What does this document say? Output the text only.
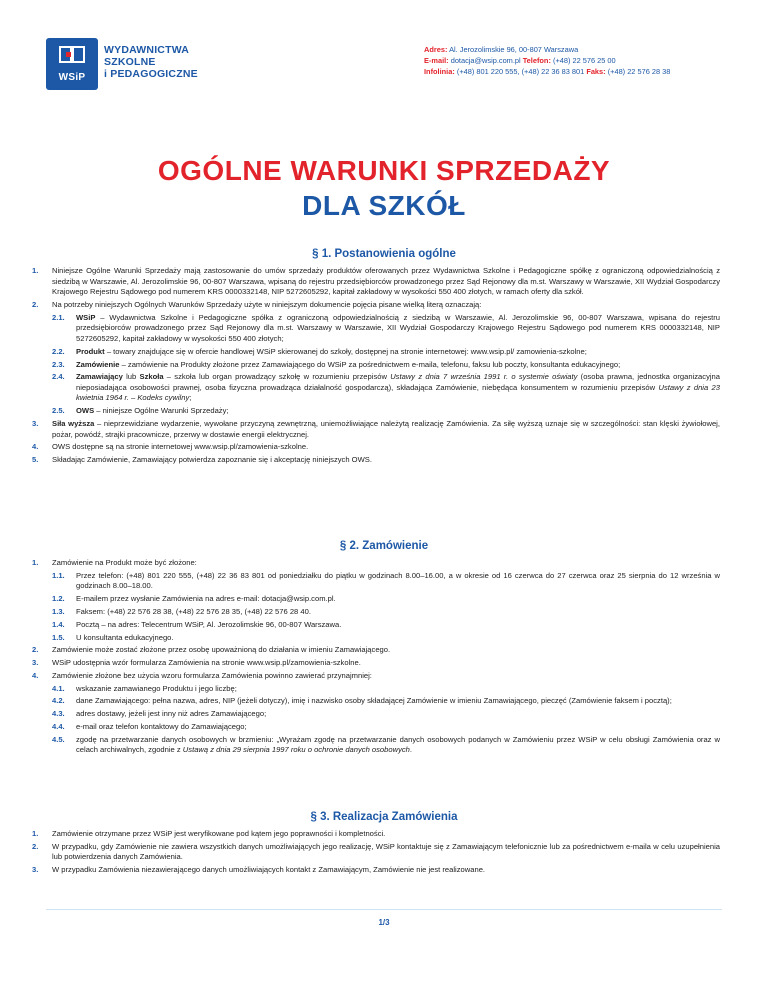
WSiP
WYDAWNICTWA
SZKOLNE
i PEDAGOGICZNE
Adres: Al. Jerozolimskie 96, 00-807 Warszawa
E-mail: dotacja@wsip.com.pl Telefon: (+48) 22 576 25 00
Infolinia: (+48) 801 220 555, (+48) 22 36 83 801 Faks: (+48) 22 576 28 38
OGÓLNE WARUNKI SPRZEDAŻY
DLA SZKÓŁ
§ 1. Postanowienia ogólne
1. Niniejsze Ogólne Warunki Sprzedaży mają zastosowanie do umów sprzedaży produktów oferowanych przez Wydawnictwa Szkolne i Pedagogiczne spółkę z ograniczoną odpowiedzialnością z siedzibą w Warszawie, Al. Jerozolimskie 96, 00-807 Warszawa, wpisaną do rejestru przedsiębiorców prowadzonego przez Sąd Rejonowy dla m.st. Warszawy w Warszawie, XII Wydział Gospodarczy Krajowego Rejestru Sądowego pod numerem KRS 0000332148, NIP 5272605292, kapitał zakładowy w wysokości 550 400 złotych, w ramach oferty dla szkół.
2. Na potrzeby niniejszych Ogólnych Warunków Sprzedaży użyte w niniejszym dokumencie pojęcia pisane wielką literą oznaczają:
2.1. WSiP – Wydawnictwa Szkolne i Pedagogiczne spółka z ograniczoną odpowiedzialnością z siedzibą w Warszawie, Al. Jerozolimskie 96, 00-807 Warszawa, wpisana do rejestru przedsiębiorców prowadzonego przez Sąd Rejonowy dla m.st. Warszawy w Warszawie, XII Wydział Gospodarczy Krajowego Rejestru Sądowego pod numerem KRS 0000332148, NIP 5272605292, kapitał zakładowy w wysokości 550 400 złotych;
2.2. Produkt – towary znajdujące się w ofercie handlowej WSiP skierowanej do szkoły, dostępnej na stronie internetowej: www.wsip.pl/ zamowienia-szkolne;
2.3. Zamówienie – zamówienie na Produkty złożone przez Zamawiającego do WSiP za pośrednictwem e-maila, telefonu, faksu lub poczty, konsultanta edukacyjnego;
2.4. Zamawiający lub Szkoła – szkoła lub organ prowadzący szkołę w rozumieniu przepisów Ustawy z dnia 7 września 1991 r. o systemie oświaty (osoba prawna, jednostka organizacyjna nieposiadająca osobowości prawnej, osoba fizyczna prowadząca działalność gospodarczą), składająca Zamówienie, niebędąca konsumentem w rozumieniu przepisów Ustawy z dnia 23 kwietnia 1964 r. – Kodeks cywilny;
2.5. OWS – niniejsze Ogólne Warunki Sprzedaży;
3. Siła wyższa – nieprzewidziane wydarzenie, wywołane przyczyną zewnętrzną, uniemożliwiające należytą realizację Zamówienia. Za siłę wyższą uznaje się w szczególności: stan klęski żywiołowej, pożar, powódź, strajki pracownicze, przerwy w dostawie energii elektrycznej.
4. OWS dostępne są na stronie internetowej www.wsip.pl/zamowienia-szkolne.
5. Składając Zamówienie, Zamawiający potwierdza zapoznanie się i akceptację niniejszych OWS.
§ 2. Zamówienie
1. Zamówienie na Produkt może być złożone:
1.1. Przez telefon: (+48) 801 220 555, (+48) 22 36 83 801 od poniedziałku do piątku w godzinach 8.00–16.00, a w okresie od 16 czerwca do 27 czerwca oraz 25 sierpnia do 12 września w godzinach 8.00–18.00.
1.2. E-mailem przez wysłanie Zamówienia na adres e-mail: dotacja@wsip.com.pl.
1.3. Faksem: (+48) 22 576 28 38, (+48) 22 576 28 35, (+48) 22 576 28 40.
1.4. Pocztą – na adres: Telecentrum WSiP, Al. Jerozolimskie 96, 00-807 Warszawa.
1.5. U konsultanta edukacyjnego.
2. Zamówienie może zostać złożone przez osobę upoważnioną do działania w imieniu Zamawiającego.
3. WSiP udostępnia wzór formularza Zamówienia na stronie www.wsip.pl/zamowienia-szkolne.
4. Zamówienie złożone bez użycia wzoru formularza Zamówienia powinno zawierać przynajmniej:
4.1. wskazanie zamawianego Produktu i jego liczbę;
4.2. dane Zamawiającego: pełna nazwa, adres, NIP (jeżeli dotyczy), imię i nazwisko osoby składającej Zamówienie w imieniu Zamawiającego, pieczęć (Zamówienie faksem i pocztą);
4.3. adres dostawy, jeżeli jest inny niż adres Zamawiającego;
4.4. e-mail oraz telefon kontaktowy do Zamawiającego;
4.5. zgodę na przetwarzanie danych osobowych w brzmieniu: „Wyrażam zgodę na przetwarzanie danych osobowych podanych w Zamówieniu przez WSiP w celu obsługi Zamówienia oraz w celach archiwalnych, zgodnie z Ustawą z dnia 29 sierpnia 1997 roku o ochronie danych osobowych.
§ 3. Realizacja Zamówienia
1. Zamówienie otrzymane przez WSiP jest weryfikowane pod kątem jego poprawności i kompletności.
2. W przypadku, gdy Zamówienie nie zawiera wszystkich danych umożliwiających jego realizację, WSiP kontaktuje się z Zamawiającym telefonicznie lub za pośrednictwem e-maila w celu uzupełnienia lub potwierdzenia danych Zamówienia.
3. W przypadku Zamówienia niezawierającego danych umożliwiających kontakt z Zamawiającym, Zamówienie nie jest realizowane.
1/3
